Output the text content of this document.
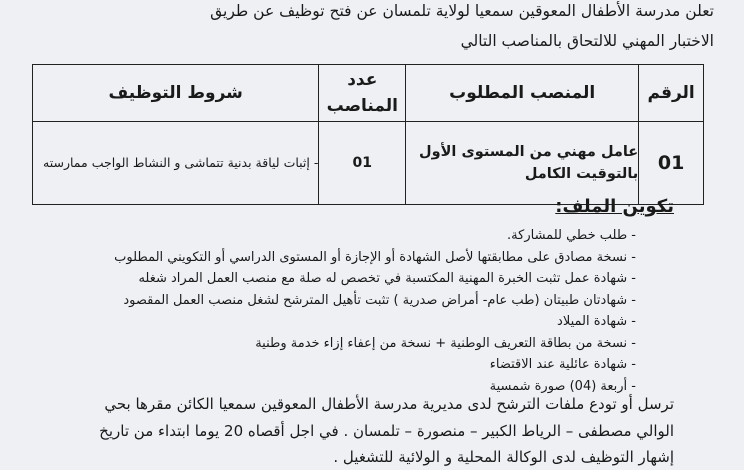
تعلن مدرسة الأطفال المعوقين سمعيا لولاية تلمسان عن فتح توظيف عن طريق
الاختبار المهني للالتحاق بالمناصب التالي
الرقم	المنصب المطلوب	عدد المناصب	شروط التوظيف
01	عامل مهني من المستوى الأول بالتوقيت الكامل	01	- إثبات لياقة بدنية تتماشى و النشاط الواجب ممارسته
تكوين الملف:
- طلب خطي للمشاركة.
- نسخة مصادق على مطابقتها لأصل الشهادة أو الإجازة أو المستوى الدراسي أو التكويني المطلوب
- شهادة عمل تثبت الخبرة المهنية المكتسبة في تخصص له صلة مع منصب العمل المراد شغله
- شهادتان طبيتان (طب عام- أمراض صدرية ) تثبت تأهيل المترشح لشغل منصب العمل المقصود
- شهادة الميلاد
- نسخة من بطاقة التعريف الوطنية + نسخة من إعفاء إزاء خدمة وطنية
- شهادة عائلية عند الاقتضاء
- أربعة (04) صورة شمسية
ترسل أو تودع ملفات الترشح لدى مديرية مدرسة الأطفال المعوقين سمعيا الكائن مقرها بحي
الوالي مصطفى – الرياط الكبير – منصورة – تلمسان . في اجل أقصاه 20 يوما ابتداء من تاريخ
إشهار التوظيف لدى الوكالة المحلية و الولائية للتشغيل .
